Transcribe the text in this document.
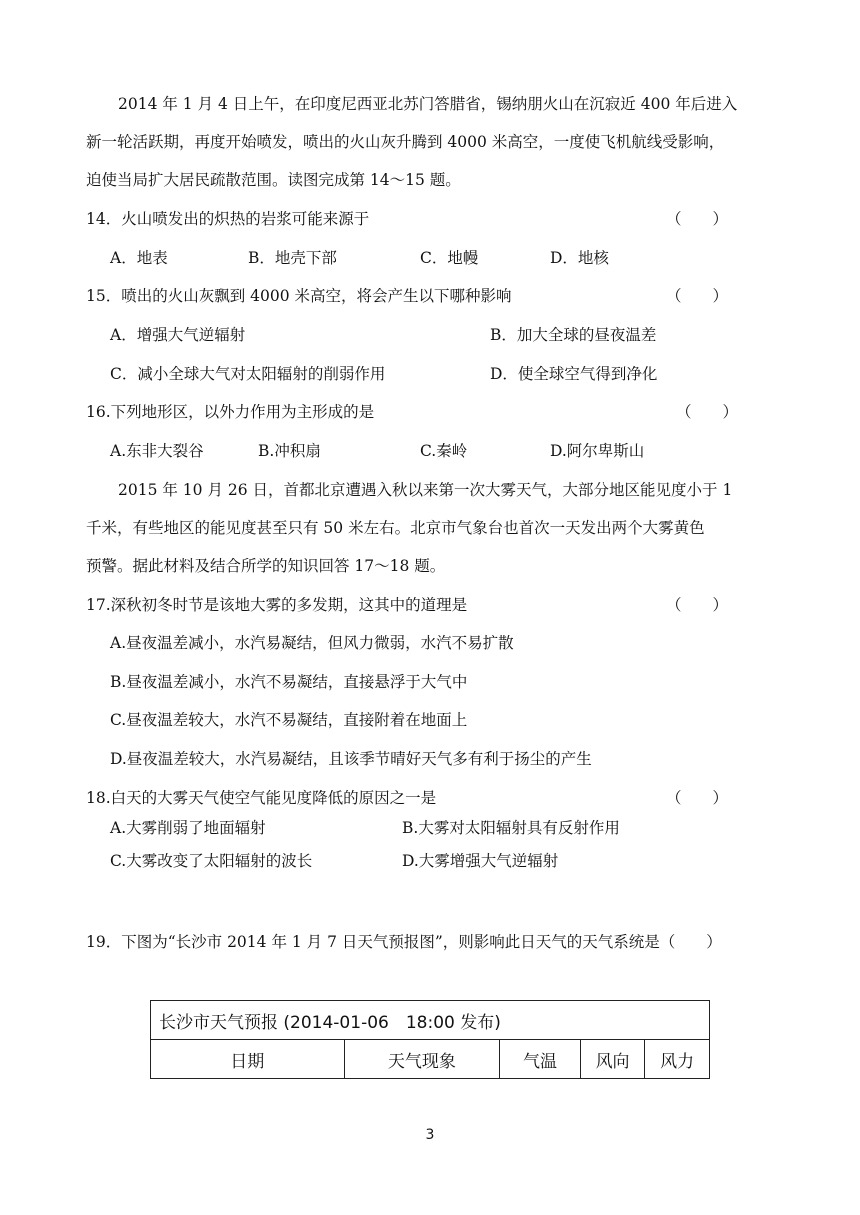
2014 年 1 月 4 日上午，在印度尼西亚北苏门答腊省，锡纳朋火山在沉寂近 400 年后进入
新一轮活跃期，再度开始喷发，喷出的火山灰升腾到 4000 米高空，一度使飞机航线受影响，
迫使当局扩大居民疏散范围。读图完成第 14～15 题。
14．火山喷发出的炽热的岩浆可能来源于	（　　）
A．地表	B．地壳下部	C．地幔	D．地核
15．喷出的火山灰飘到 4000 米高空，将会产生以下哪种影响	（　　）
A．增强大气逆辐射	B．加大全球的昼夜温差
C．减小全球大气对太阳辐射的削弱作用	D．使全球空气得到净化
16.下列地形区，以外力作用为主形成的是	（　　）
A.东非大裂谷	B.冲积扇	C.秦岭	D.阿尔卑斯山
2015 年 10 月 26 日，首都北京遭遇入秋以来第一次大雾天气，大部分地区能见度小于 1
千米，有些地区的能见度甚至只有 50 米左右。北京市气象台也首次一天发出两个大雾黄色
预警。据此材料及结合所学的知识回答 17～18 题。
17.深秋初冬时节是该地大雾的多发期，这其中的道理是	（　　）
A.昼夜温差减小，水汽易凝结，但风力微弱，水汽不易扩散
B.昼夜温差减小，水汽不易凝结，直接悬浮于大气中
C.昼夜温差较大，水汽不易凝结，直接附着在地面上
D.昼夜温差较大，水汽易凝结，且该季节晴好天气多有利于扬尘的产生
18.白天的大雾天气使空气能见度降低的原因之一是	（　　）
A.大雾削弱了地面辐射	B.大雾对太阳辐射具有反射作用
C.大雾改变了太阳辐射的波长	D.大雾增强大气逆辐射
19．下图为“长沙市 2014 年 1 月 7 日天气预报图”，则影响此日天气的天气系统是（　　）
长沙市天气预报 (2014-01-06　18:00 发布)
日期	天气现象	气温	风向	风力
3
